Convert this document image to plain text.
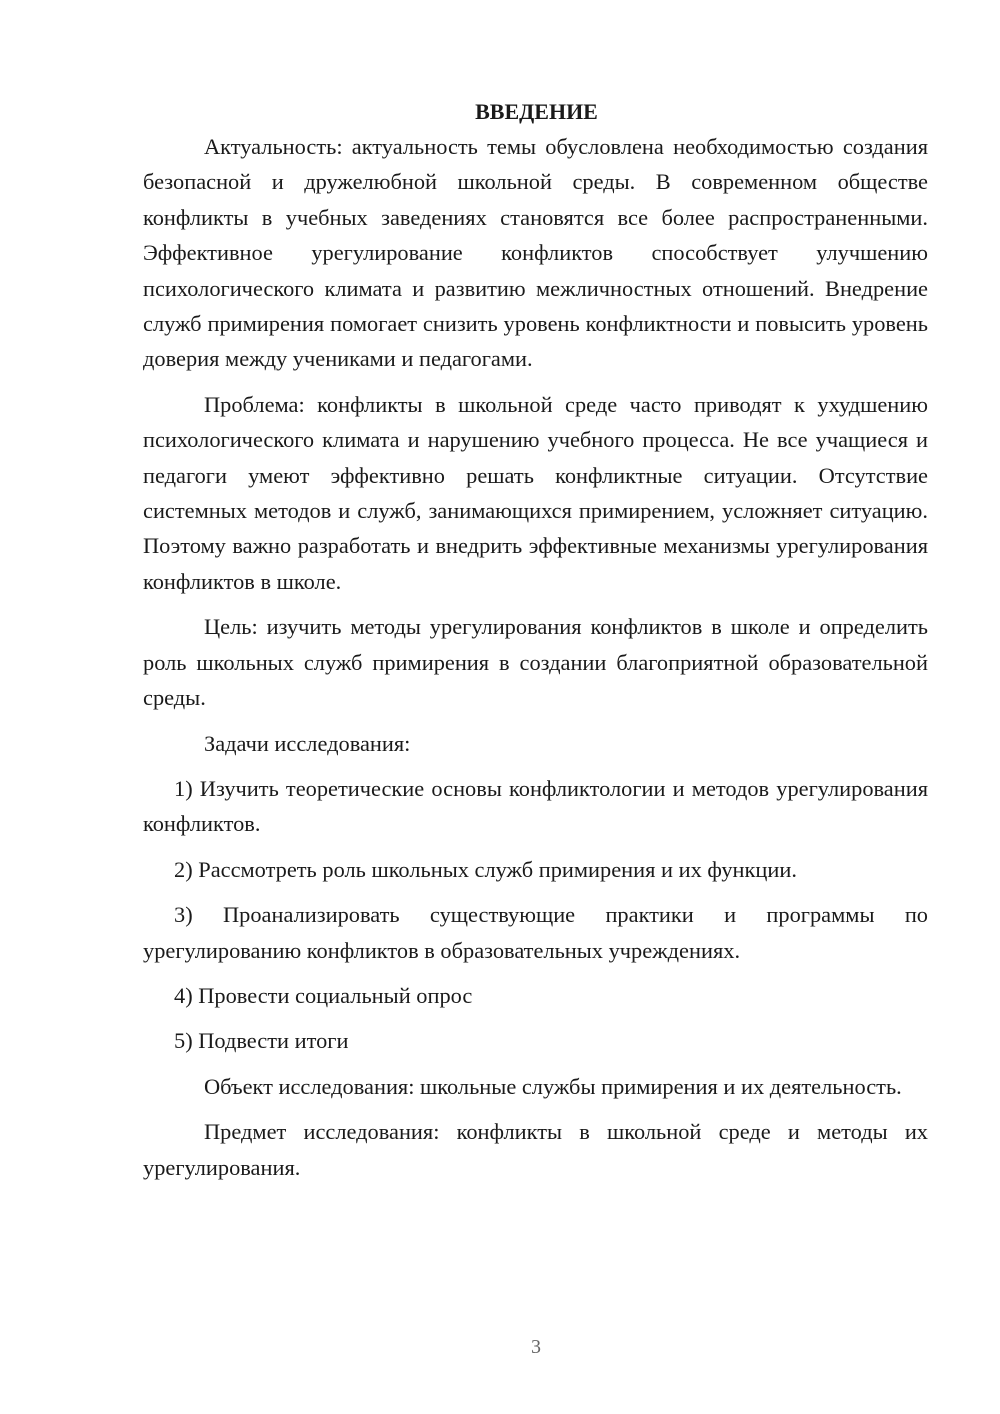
ВВЕДЕНИЕ

Актуальность: актуальность темы обусловлена необходимостью создания безопасной и дружелюбной школьной среды. В современном обществе конфликты в учебных заведениях становятся все более распространенными. Эффективное урегулирование конфликтов способствует улучшению психологического климата и развитию межличностных отношений. Внедрение служб примирения помогает снизить уровень конфликтности и повысить уровень доверия между учениками и педагогами.

Проблема: конфликты в школьной среде часто приводят к ухудшению психологического климата и нарушению учебного процесса. Не все учащиеся и педагоги умеют эффективно решать конфликтные ситуации. Отсутствие системных методов и служб, занимающихся примирением, усложняет ситуацию. Поэтому важно разработать и внедрить эффективные механизмы урегулирования конфликтов в школе.

Цель: изучить методы урегулирования конфликтов в школе и определить роль школьных служб примирения в создании благоприятной образовательной среды.

Задачи исследования:

1) Изучить теоретические основы конфликтологии и методов урегулирования конфликтов.

2) Рассмотреть роль школьных служб примирения и их функции.

3) Проанализировать существующие практики и программы по урегулированию конфликтов в образовательных учреждениях.

4) Провести социальный опрос

5) Подвести итоги

Объект исследования: школьные службы примирения и их деятельность.

Предмет исследования: конфликты в школьной среде и методы их урегулирования.

3
